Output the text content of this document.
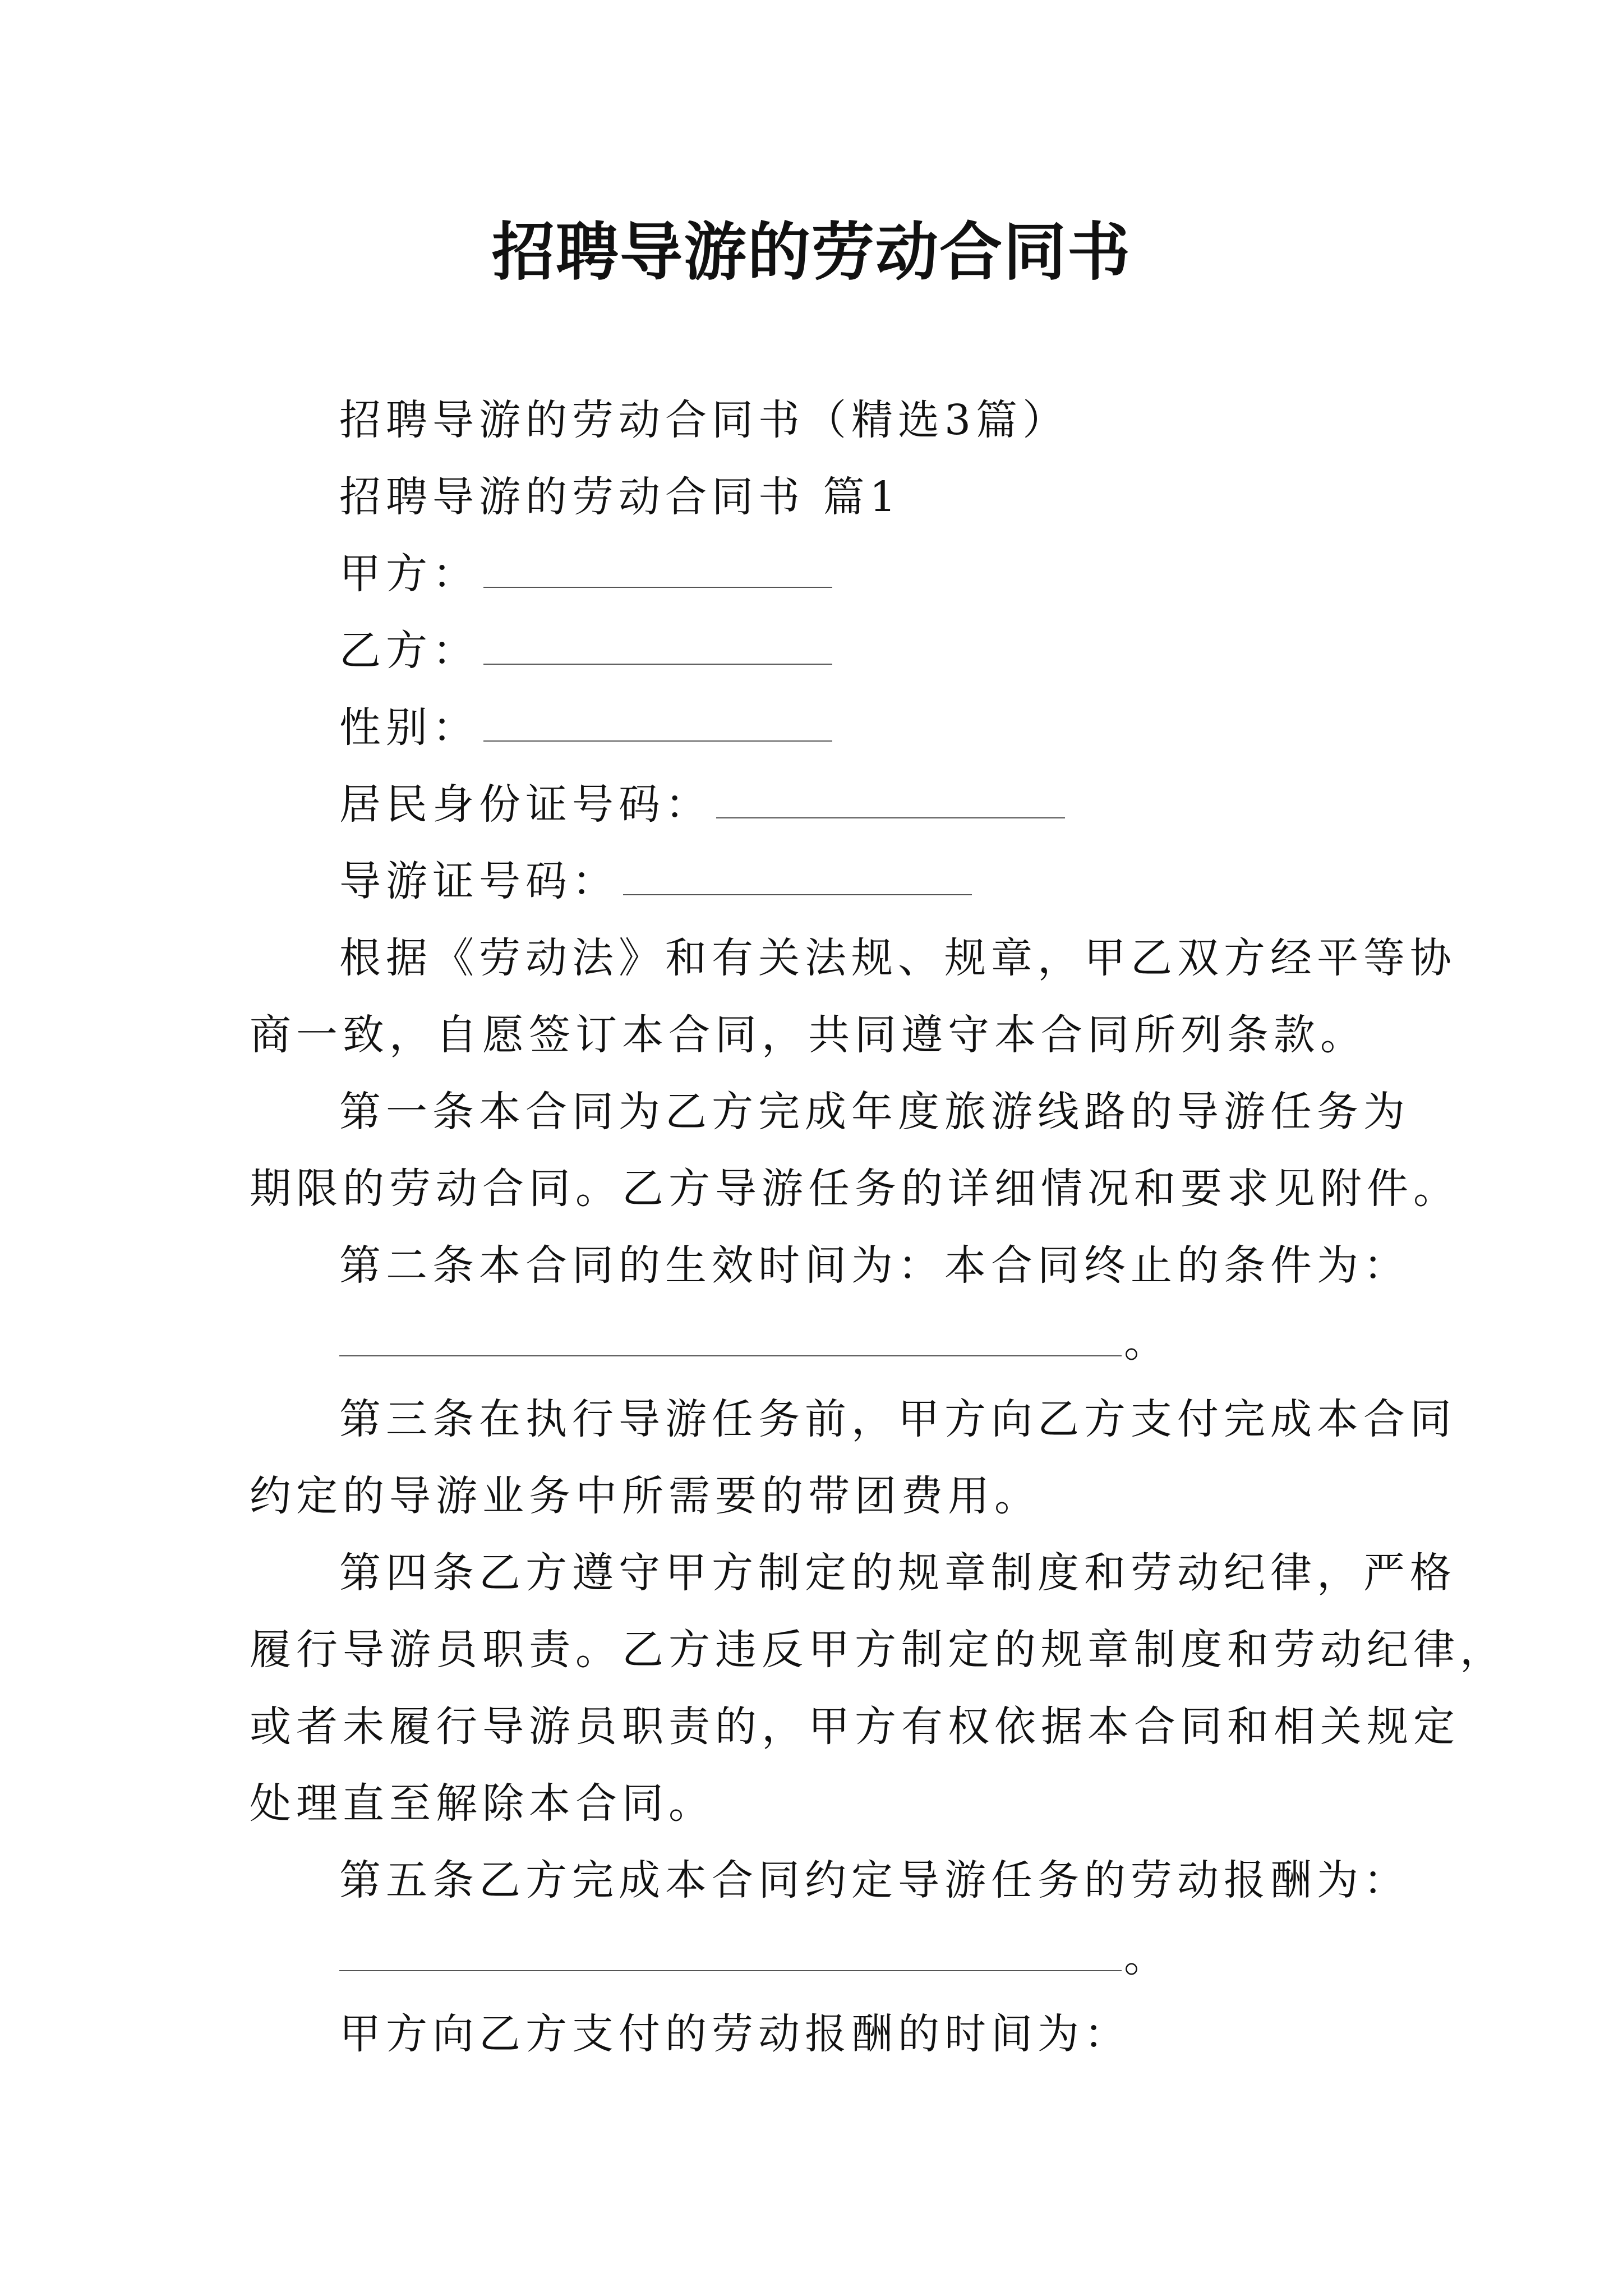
招聘导游的劳动合同书
招聘导游的劳动合同书（精选3篇）
招聘导游的劳动合同书 篇1
甲方：
乙方：
性别：
居民身份证号码：
导游证号码：
根据《劳动法》和有关法规、规章，甲乙双方经平等协
商一致，自愿签订本合同，共同遵守本合同所列条款。
第一条本合同为乙方完成年度旅游线路的导游任务为
期限的劳动合同。乙方导游任务的详细情况和要求见附件。
第二条本合同的生效时间为：本合同终止的条件为：
。
第三条在执行导游任务前，甲方向乙方支付完成本合同
约定的导游业务中所需要的带团费用。
第四条乙方遵守甲方制定的规章制度和劳动纪律，严格
履行导游员职责。乙方违反甲方制定的规章制度和劳动纪律，
或者未履行导游员职责的，甲方有权依据本合同和相关规定
处理直至解除本合同。
第五条乙方完成本合同约定导游任务的劳动报酬为：
。
甲方向乙方支付的劳动报酬的时间为：
